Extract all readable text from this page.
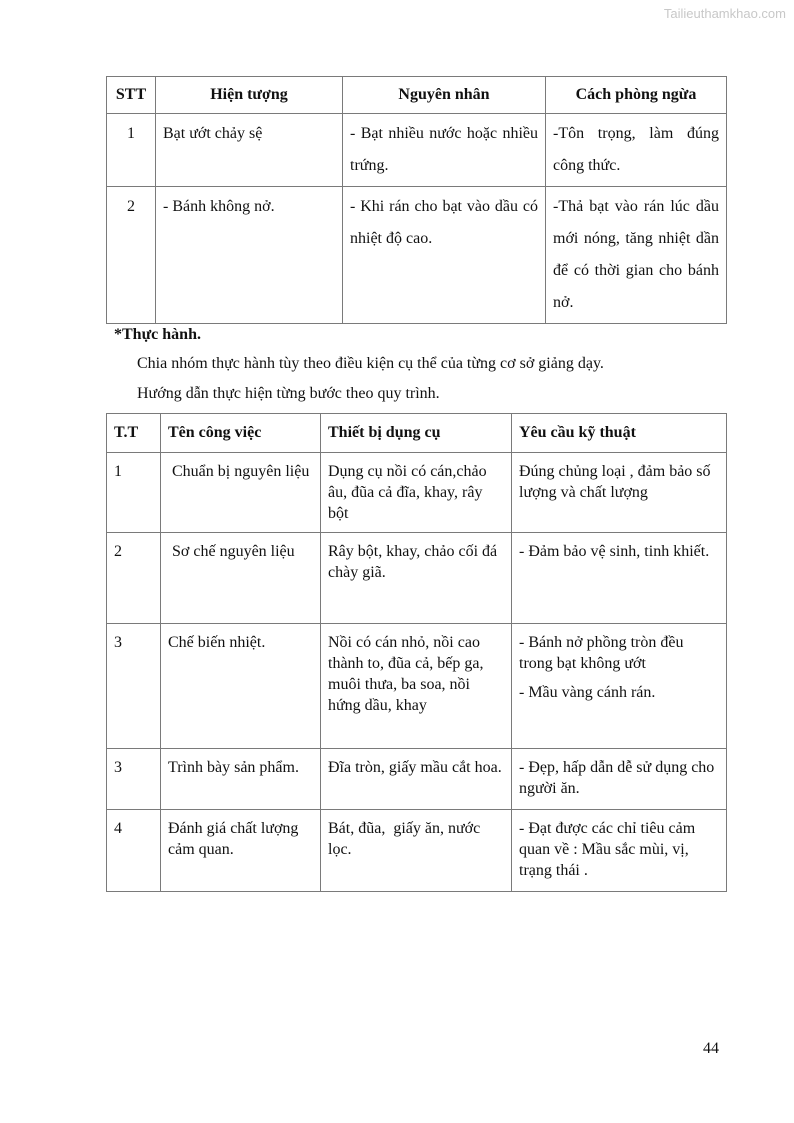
Tailieuthamkhao.com
STT	Hiện tượng	Nguyên nhân	Cách phòng ngừa
1	Bạt ướt chảy sệ	- Bạt nhiều nước hoặc nhiều trứng.	-Tôn trọng, làm đúng công thức.
2	- Bánh không nở.	- Khi rán cho bạt vào dầu có nhiệt độ cao.	-Thả bạt vào rán lúc dầu mới nóng, tăng nhiệt dần để có thời gian cho bánh nở.
*Thực hành.
Chia nhóm thực hành tùy theo điều kiện cụ thể của từng cơ sở giảng dạy.
Hướng dẫn thực hiện từng bước theo quy trình.
T.T	Tên công việc	Thiết bị dụng cụ	Yêu cầu kỹ thuật
1	Chuẩn bị nguyên liệu	Dụng cụ nồi có cán,chảo âu, đũa cả đĩa, khay, rây bột	Đúng chủng loại , đảm bảo số lượng và chất lượng

2	Sơ chế nguyên liệu	Rây bột, khay, chảo cối đá chày giã.	- Đảm bảo vệ sinh, tinh khiết.

3	Chế biến nhiệt.	Nồi có cán nhỏ, nồi cao thành to, đũa cả, bếp ga, muôi thưa, ba soa, nồi hứng dầu, khay	- Bánh nở phồng tròn đều trong bạt không ướt
- Mầu vàng cánh rán.

3	Trình bày sản phẩm.	Đĩa tròn, giấy mầu cắt hoa.	- Đẹp, hấp dẫn dễ sử dụng cho người ăn.

4	Đánh giá chất lượng cảm quan.	Bát, đũa,  giấy ăn, nước lọc.	- Đạt được các chỉ tiêu cảm quan về : Mầu sắc mùi, vị, trạng thái .
44
